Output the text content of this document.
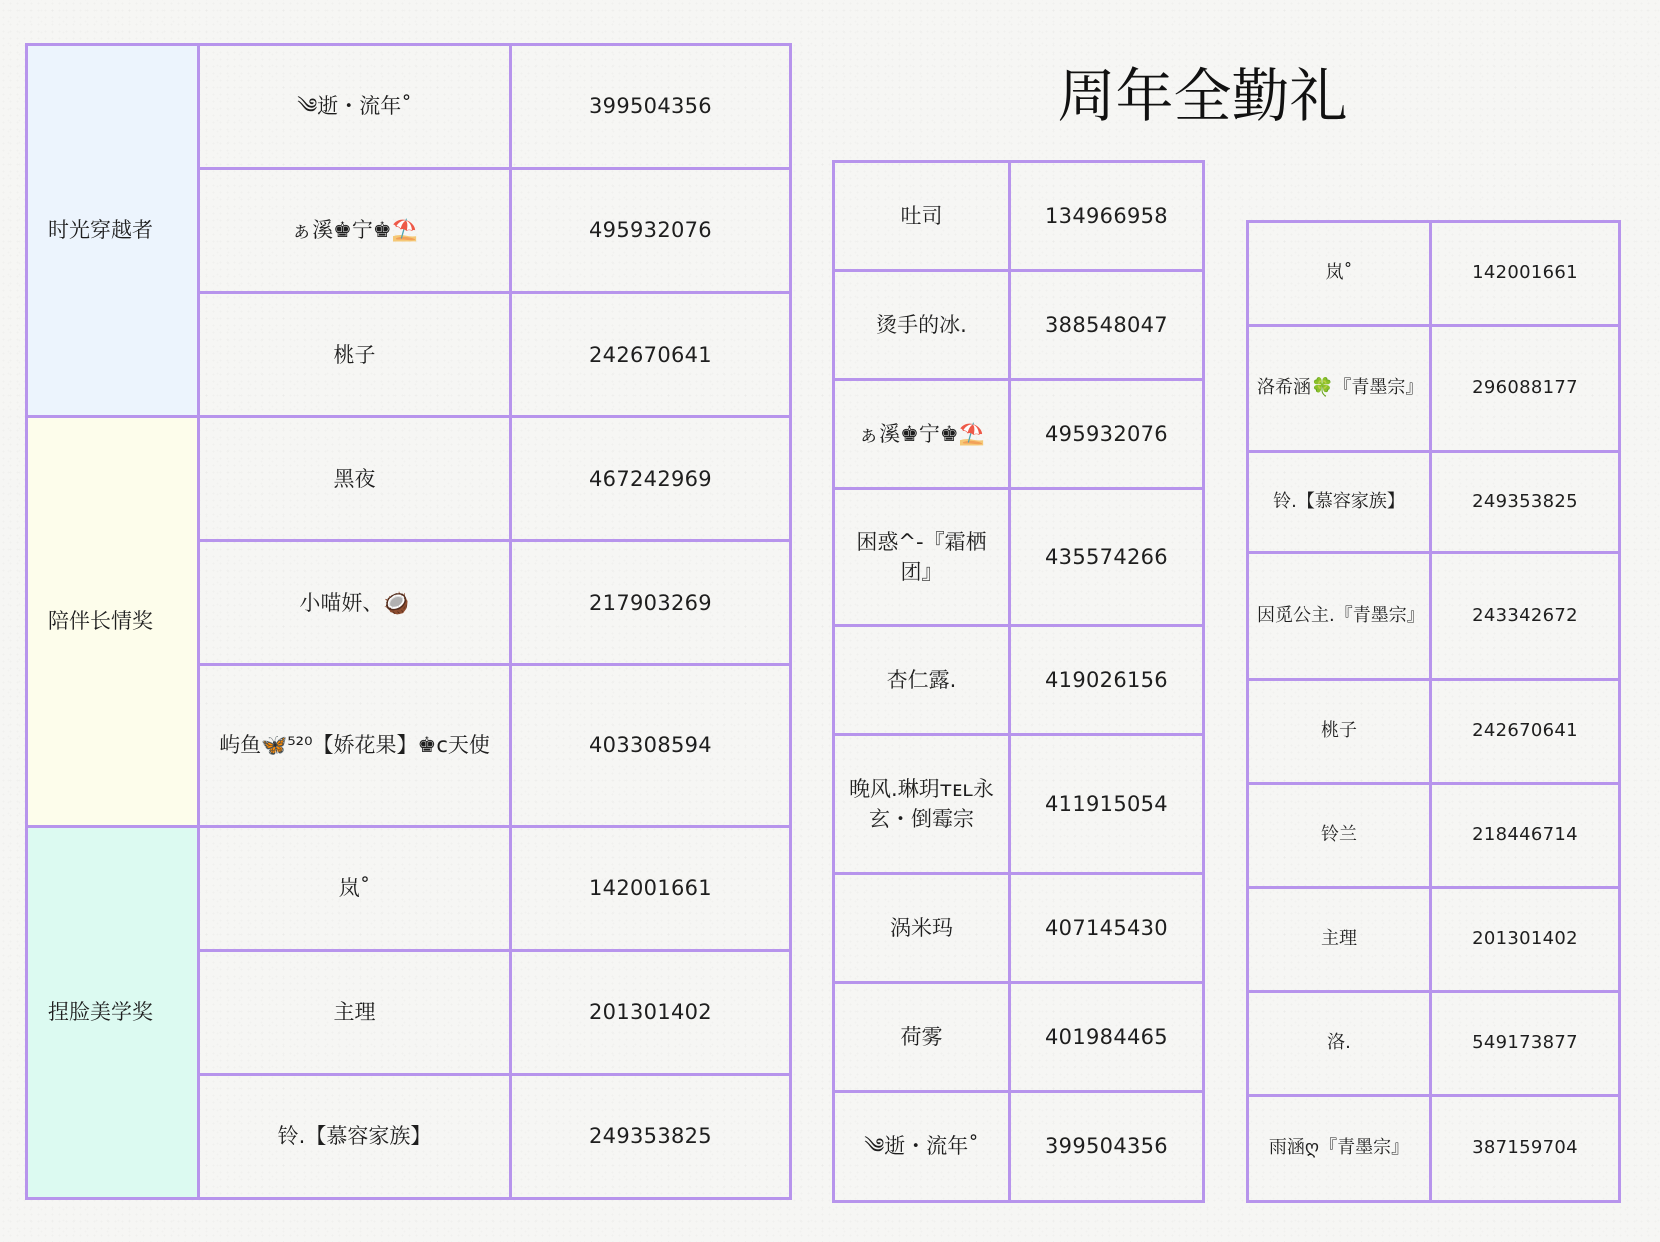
周年全勤礼
时光穿越者	༄逝・流年˚	399504356
	ぁ溪♚宁♚⛱️	495932076
	桃子	242670641
陪伴长情奖	黑夜	467242969
	小喵妍、🥥	217903269
	屿鱼🦋⁵²⁰【娇花果】♚c天使	403308594
捏脸美学奖	岚˚	142001661
	主理	201301402
	铃.【慕容家族】	249353825
吐司	134966958
烫手的冰.	388548047
ぁ溪♚宁♚⛱️	495932076
困惑^-『霜栖团』	435574266
杏仁露.	419026156
晚风.琳玥ᴛᴇʟ永玄・倒霉宗	411915054
涡米玛	407145430
荷雾	401984465
༄逝・流年˚	399504356
岚˚	142001661
洛希涵🍀『青墨宗』	296088177
铃.【慕容家族】	249353825
因觅公主.『青墨宗』	243342672
桃子	242670641
铃兰	218446714
主理	201301402
洛.	549173877
雨涵ღ『青墨宗』	387159704
